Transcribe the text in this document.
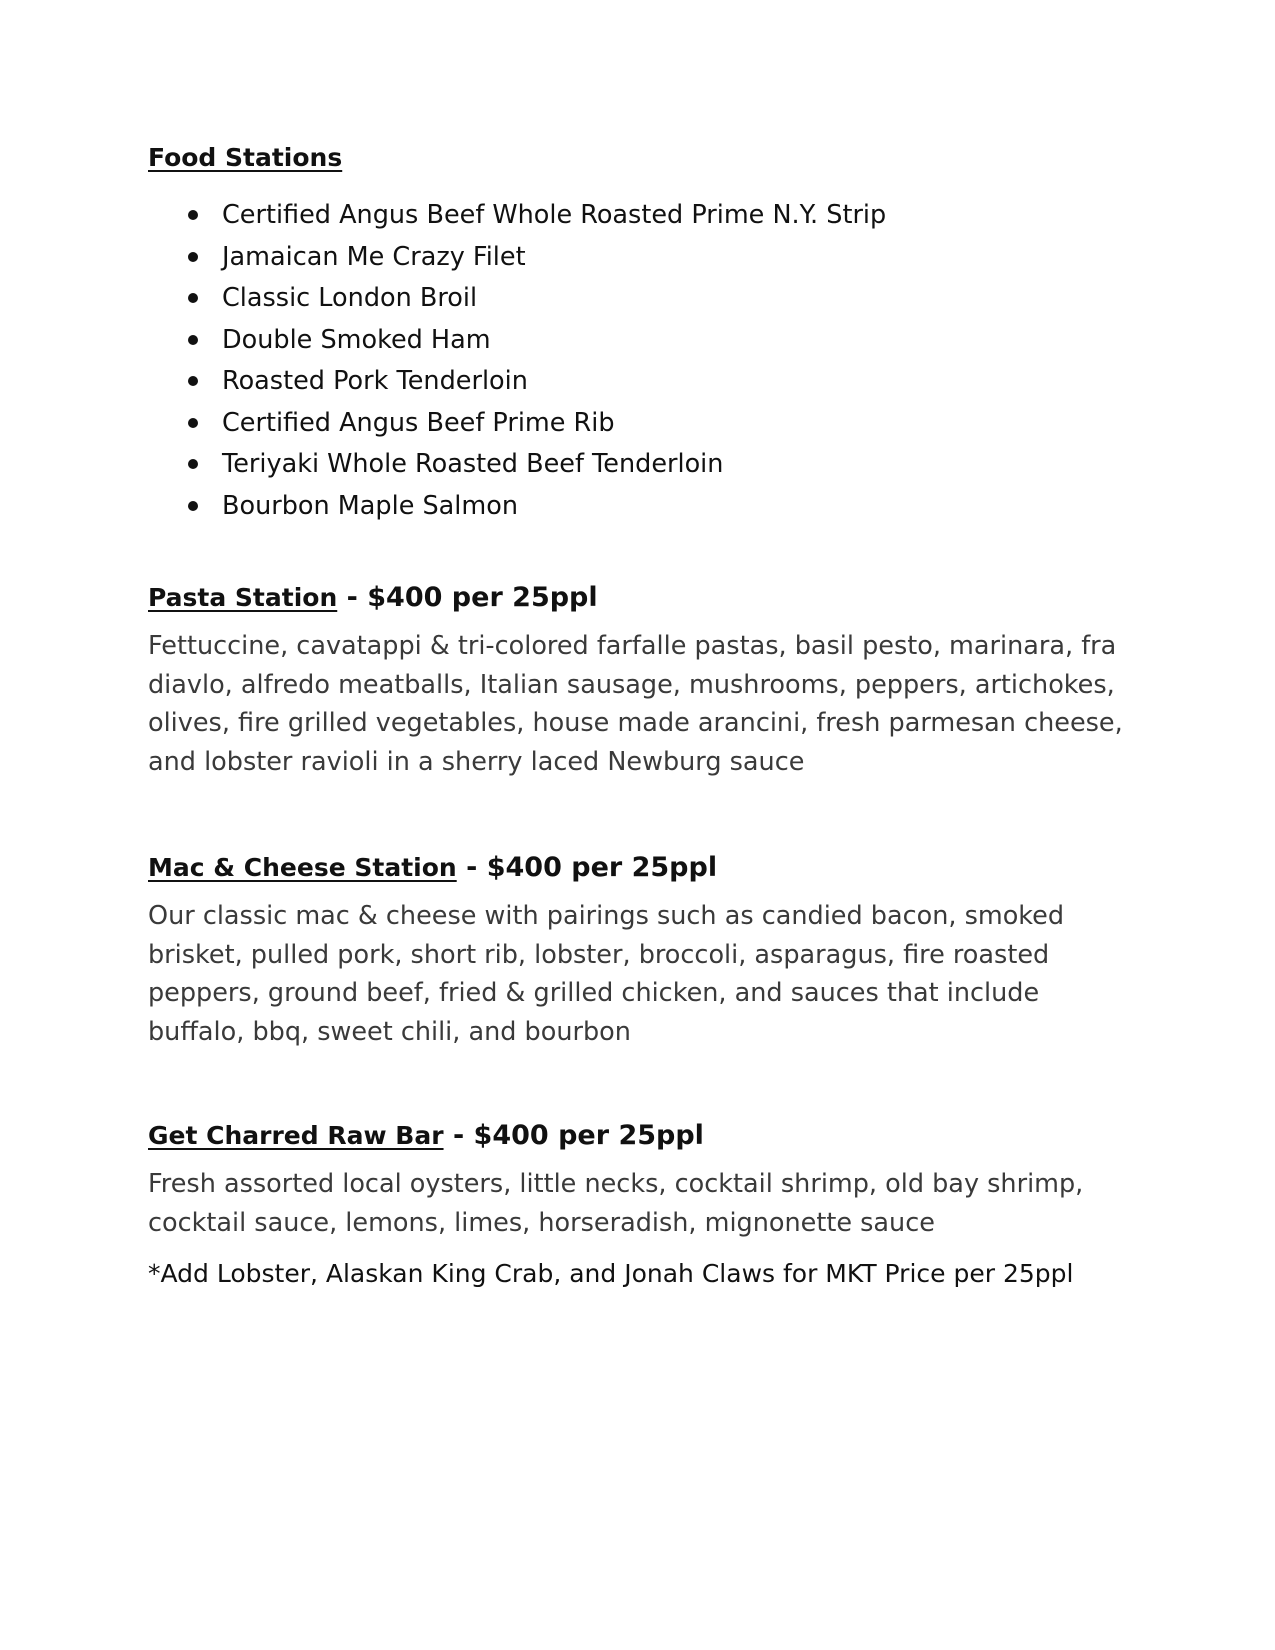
Food Stations
Certified Angus Beef Whole Roasted Prime N.Y. Strip
Jamaican Me Crazy Filet
Classic London Broil
Double Smoked Ham
Roasted Pork Tenderloin
Certified Angus Beef Prime Rib
Teriyaki Whole Roasted Beef Tenderloin
Bourbon Maple Salmon
Pasta Station - $400 per 25ppl

Fettuccine, cavatappi & tri-colored farfalle pastas, basil pesto, marinara, fra diavlo, alfredo meatballs, Italian sausage, mushrooms, peppers, artichokes, olives, fire grilled vegetables, house made arancini, fresh parmesan cheese, and lobster ravioli in a sherry laced Newburg sauce

Mac & Cheese Station - $400 per 25ppl

Our classic mac & cheese with pairings such as candied bacon, smoked brisket, pulled pork, short rib, lobster, broccoli, asparagus, fire roasted peppers, ground beef, fried & grilled chicken, and sauces that include buffalo, bbq, sweet chili, and bourbon

Get Charred Raw Bar - $400 per 25ppl

Fresh assorted local oysters, little necks, cocktail shrimp, old bay shrimp, cocktail sauce, lemons, limes, horseradish, mignonette sauce

*Add Lobster, Alaskan King Crab, and Jonah Claws for MKT Price per 25ppl
